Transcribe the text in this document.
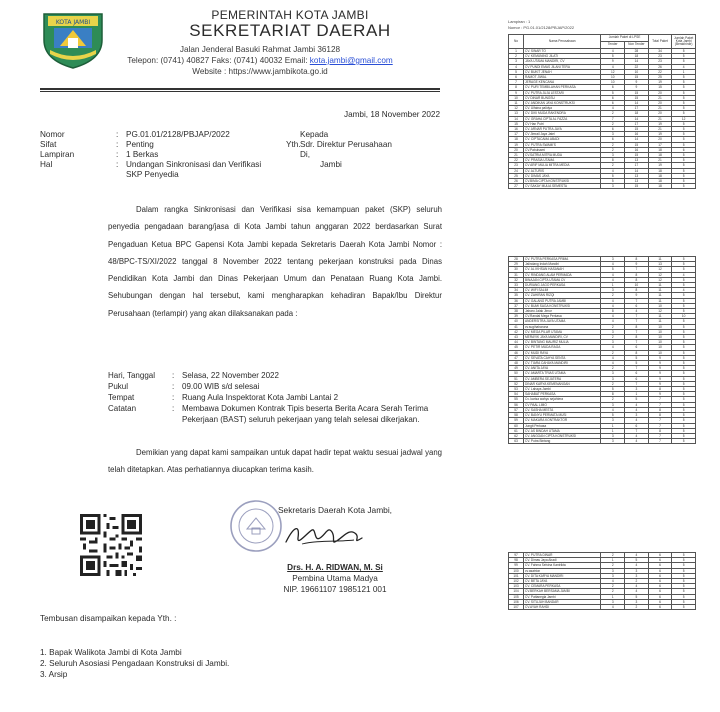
KOTA JAMBI
PEMERINTAH KOTA JAMBI
SEKRETARIAT DAERAH
Jalan Jenderal Basuki Rahmat Jambi 36128
Telepon: (0741) 40827 Faks: (0741) 40032 Email: kota.jambi@gmail.com
Website : https://www.jambikota.go.id
Jambi, 18 November 2022
Nomor	: PG.01.01/2128/PBJAP/2022
Sifat	: Penting
Lampiran	: 1 Berkas
Hal	: Undangan Sinkronisasi dan Verifikasi SKP Penyedia
Kepada
Yth. Sdr. Direktur Perusahaan
Di,
Jambi
Dalam rangka Sinkronisasi dan Verifikasi sisa kemampuan paket (SKP) seluruh penyedia pengadaan barang/jasa di Kota Jambi tahun anggaran 2022 berdasarkan Surat Pengaduan Ketua BPC Gapensi Kota Jambi kepada Sekretaris Daerah Kota Jambi Nomor : 48/BPC-TS/XI/2022 tanggal 8 November 2022 tentang pekerjaan konstruksi pada Dinas Pendidikan Kota Jambi dan Dinas Pekerjaan Umum dan Penataan Ruang Kota Jambi. Sehubungan dengan hal tersebut, kami mengharapkan kehadiran Bapak/Ibu Direktur Perusahaan (terlampir) yang akan dilaksanakan pada :
Hari, Tanggal	: Selasa, 22 November 2022
Pukul	: 09.00 WIB s/d selesai
Tempat	: Ruang Aula Inspektorat Kota Jambi Lantai 2
Catatan	: Membawa Dokumen Kontrak Tipis beserta Berita Acara Serah Terima Pekerjaan (BAST) seluruh pekerjaan yang telah selesai dikerjakan.
Demikian yang dapat kami sampaikan untuk dapat hadir tepat waktu sesuai jadwal yang telah ditetapkan. Atas perhatiannya diucapkan terima kasih.
Sekretaris Daerah Kota Jambi,
Drs. H. A. RIDWAN, M. Si
Pembina Utama Madya
NIP. 19661107 1985121 001
Tembusan disampaikan kepada Yth. :
1. Bapak Walikota Jambi di Kota Jambi
2. Seluruh Asosiasi Pengadaan Konstruksi di Jambi.
3. Arsip
Lampiran : 1
Nomor : PG.01.01/2128/PBJAP/2022
No	Nama Perusahaan	Jumlah Paket di LPSE		Total Paket	Jumlah Paket Kota Jambi (Berakhirdir)
		Tender	Non Tender		
1	CV. SINAR TO	4	28	34	5
2	CV. KEMUNING JILATI	5	18	23	5
3	JAYA UTAMA MANDIRI, CV	9	14	23	5
4	CV PUNDI EMAS JILANI TERA	4	22	26	4
5	CV. BUKIT JENAH	12	10	22	1
6	RAMOT JIWAL	10	15	25	5
7	JERAGE KENCANA	10	9	19	5
8	CV. PURI TEMBILAHAN PERKASA	6	9	15	5
9	CV. PUTRA JUJA LESTARI	5	15	20	5
10	CV DINAR BUNGSU	6	15	21	5
11	CV. ANDIKAN JAYA KONSTRUKSI	6	14	20	5
12	CV. Ulfaina palidya	4	17	21	5
13	CV. DIKI MUDA RAKENDRA	2	18	20	5
14	CV. GRAHA CIPTA AL FAZZA	7	14	21	12
15	CV Han Putri	2	17	19	5
16	CV. ARNAR PUTRA JAYA	6	15	21	5
17	CV Jimrail Jaya Jatel	3	16	19	5
18	CV. CIPTACAMA ABADI	6	14	20	5
19	CV. PUTRA SWAMI'S	2	15	17	5
20	CV.Pabulsami	2	16	18	6
21	CV.SATRIA MITRA MUDA	3	15	18	5
22	CV. PRASIA UTAMA	8	13	21	5
23	CV ARIF MULIA MITRA MEDIA	2	17	19	5
24	CV. ALTURIS	4	14	18	5
25	CV. DIMAS JAYA	5	13	18	5
26	CV.BIMA CIPTA KONSTRUKSI	5	13	18	5
27	CV SAKAY MULIA SEMESTA	3	15	18	5
28	CV. PUTRA PERKASA PRIMA	3	8	11	5
29	Jalindang Indah Mandiri	4	9	13	5
30	CV. AL IKHSAN HASANAH	5	7	12	5
31	CV. RINDANG ALAM PERMADA	4	8	12	4
32	BINAJAN CIPTA UTAMA CV	4	8	12	5
33	DURIANG JAGO PERKASA	1	10	11	5
34	CV. WIFI SALIM	3	8	11	4
35	CV. ZAHIRAN RIZQI	2	9	11	5
36	CV. GALANG PUTRA JAMBI	4	7	11	5
37	CV. BUMI SAGA KONSTRUKSI	4	6	10	5
38	Jaharo Jalak Jimur	8	4	12	5
39	CV.Randal Mega Perkasa	4	7	11	10
40	ANDERSITRA JAYA UTAMA	4	7	11	5
41	cv.sugihaharuna	2	8	10	5
42	CV. MEGA PILAR UTAMA	3	7	10	5
43	MERAYIK JAYA MANDIRI, CV	2	8	10	5
44	CV. BINTANG MAURIZ MULIA	3	7	10	5
45	CV. PETIR MUDA RAGA	4	6	10	5
46	CV. MUDI RAYA	2	8	10	5
47	CV. SEVATA CAHYA SENTA	4	5	9	5
48	CV. TIARA CAHAYA MANDIRI	4	5	9	5
49	CV. ANITA JAYA	2	7	9	5
50	CV. AMARTA TRIAS UTAMA	3	6	9	5
51	CV. AMBERA SEJATERA	3	6	9	5
52	DINAR KARYA KEMENANGAN	2	7	9	5
53	CV. Lahaya Jambi	5	3	8	5
54	SAHABAT PERKASA	8	1	9	5
55	Cv. karisa wahyu sejahtera	2	5	7	5
56	CV PAAL LIMO	3	4	7	5
57	CV. SASHA MESTA	4	4	8	5
58	CV. BANYU PERMATA MUSI	5	3	8	5
59	CV. MAKARA KONTRAKTOR	3	4	7	5
60	Jungit Perkasa	1	6	7	5
61	CV. AS BINDAH UTAMA	1	7	8	5
62	CV. ANGGAN CIPTA KONSTRUKSI	3	4	7	5
63	CV. Putra Bintang	3	4	7	5
97	CV. PUTRA DINAR	2	4	6	5
98	CV. Dimas Jaya Abadi	1	5	6	5
99	CV. Fahma Selvina Kantrikta	2	4	6	5
100	cv.asatrion	3	3	6	5
101	CV. DITA KARYA MANDIRI	3	3	6	5
102	CV. BETA JAYA	4	2	6	5
103	CV. CEMARA PERKASA	2	4	6	5
104	CV.BERKAH BERSAMA JAMBI	2	4	6	5
105	CV. Pattanegla Jambi	1	5	6	5
106	CV. SITUJUH BANDAR	3	3	6	5
107	CV.AYAH RAHDI	4	2	6	5
